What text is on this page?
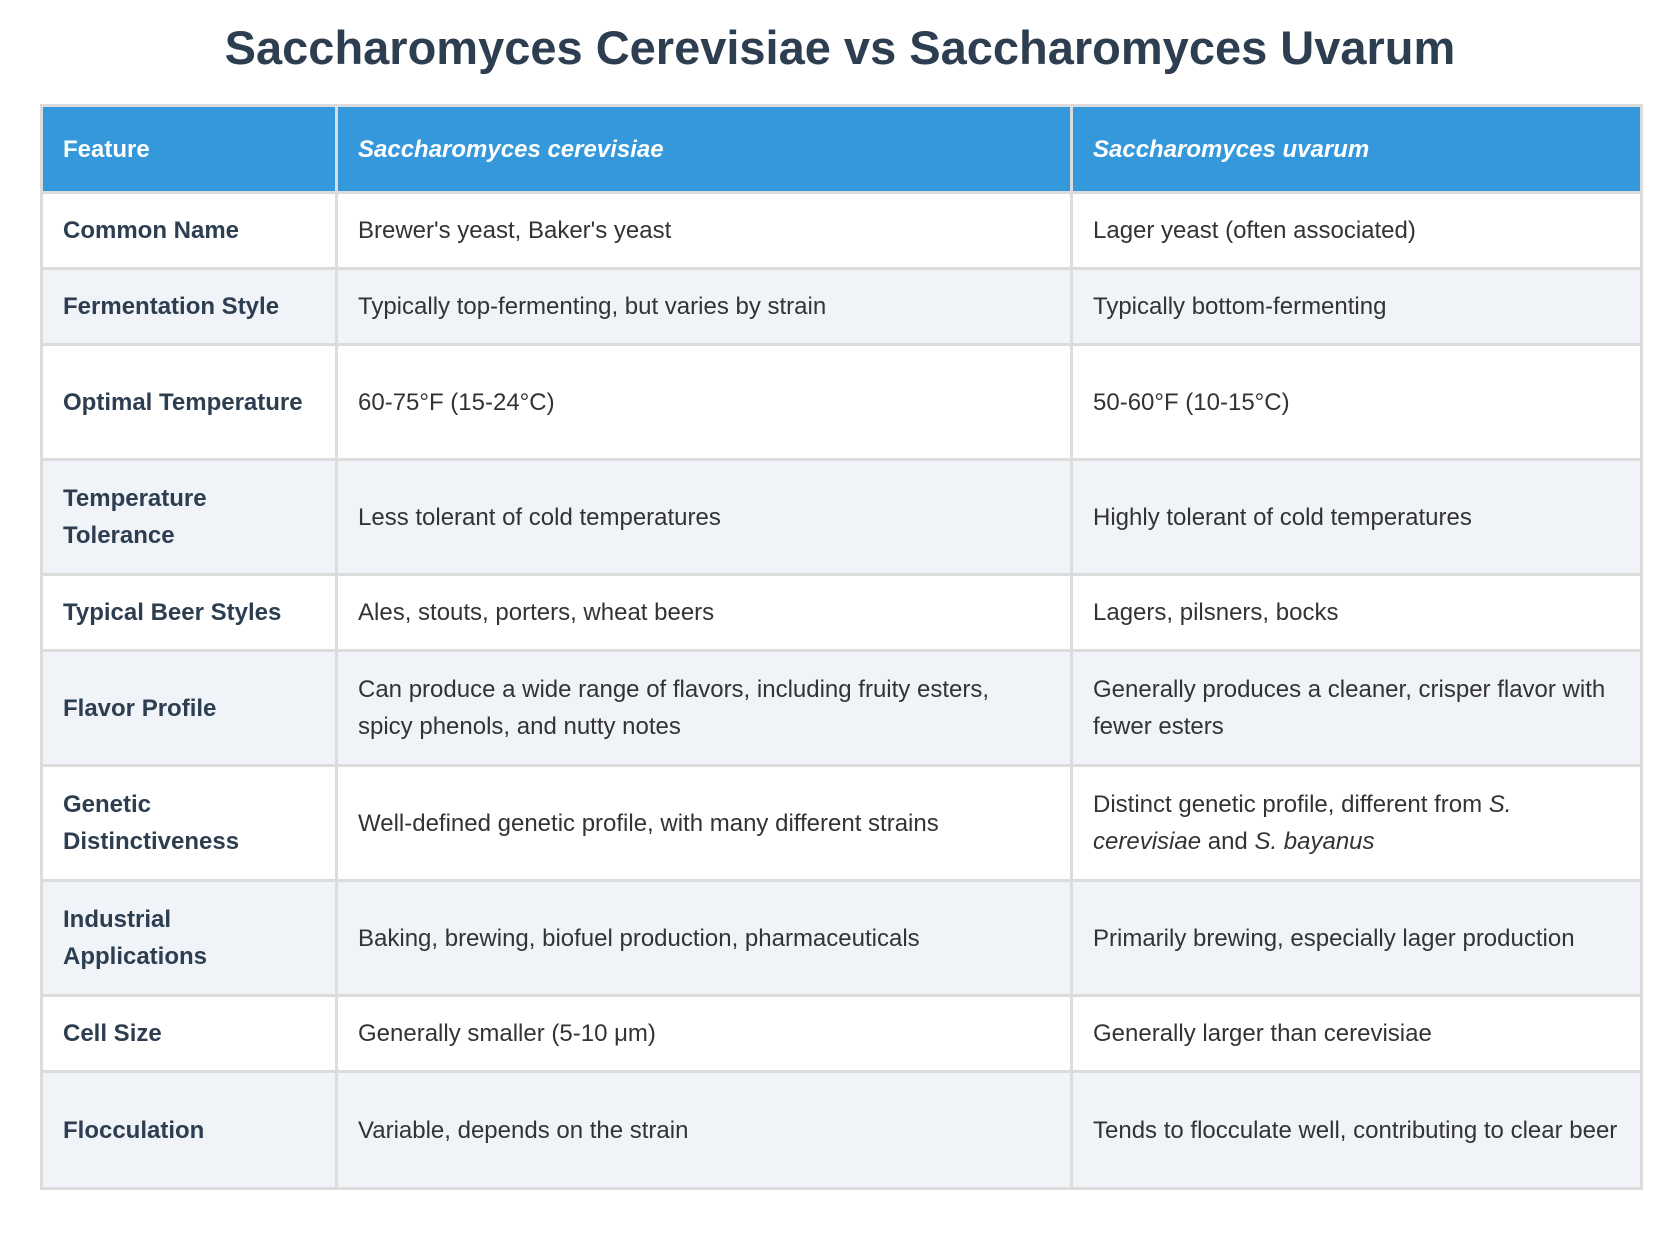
Saccharomyces Cerevisiae vs Saccharomyces Uvarum
Feature	Saccharomyces cerevisiae	Saccharomyces uvarum
Common Name	Brewer's yeast, Baker's yeast	Lager yeast (often associated)
Fermentation Style	Typically top-fermenting, but varies by strain	Typically bottom-fermenting
Optimal Temperature	60-75°F (15-24°C)	50-60°F (10-15°C)
Temperature Tolerance	Less tolerant of cold temperatures	Highly tolerant of cold temperatures
Typical Beer Styles	Ales, stouts, porters, wheat beers	Lagers, pilsners, bocks
Flavor Profile	Can produce a wide range of flavors, including fruity esters, spicy phenols, and nutty notes	Generally produces a cleaner, crisper flavor with fewer esters
Genetic Distinctiveness	Well-defined genetic profile, with many different strains	Distinct genetic profile, different from S. cerevisiae and S. bayanus
Industrial Applications	Baking, brewing, biofuel production, pharmaceuticals	Primarily brewing, especially lager production
Cell Size	Generally smaller (5-10 μm)	Generally larger than cerevisiae
Flocculation	Variable, depends on the strain	Tends to flocculate well, contributing to clear beer
